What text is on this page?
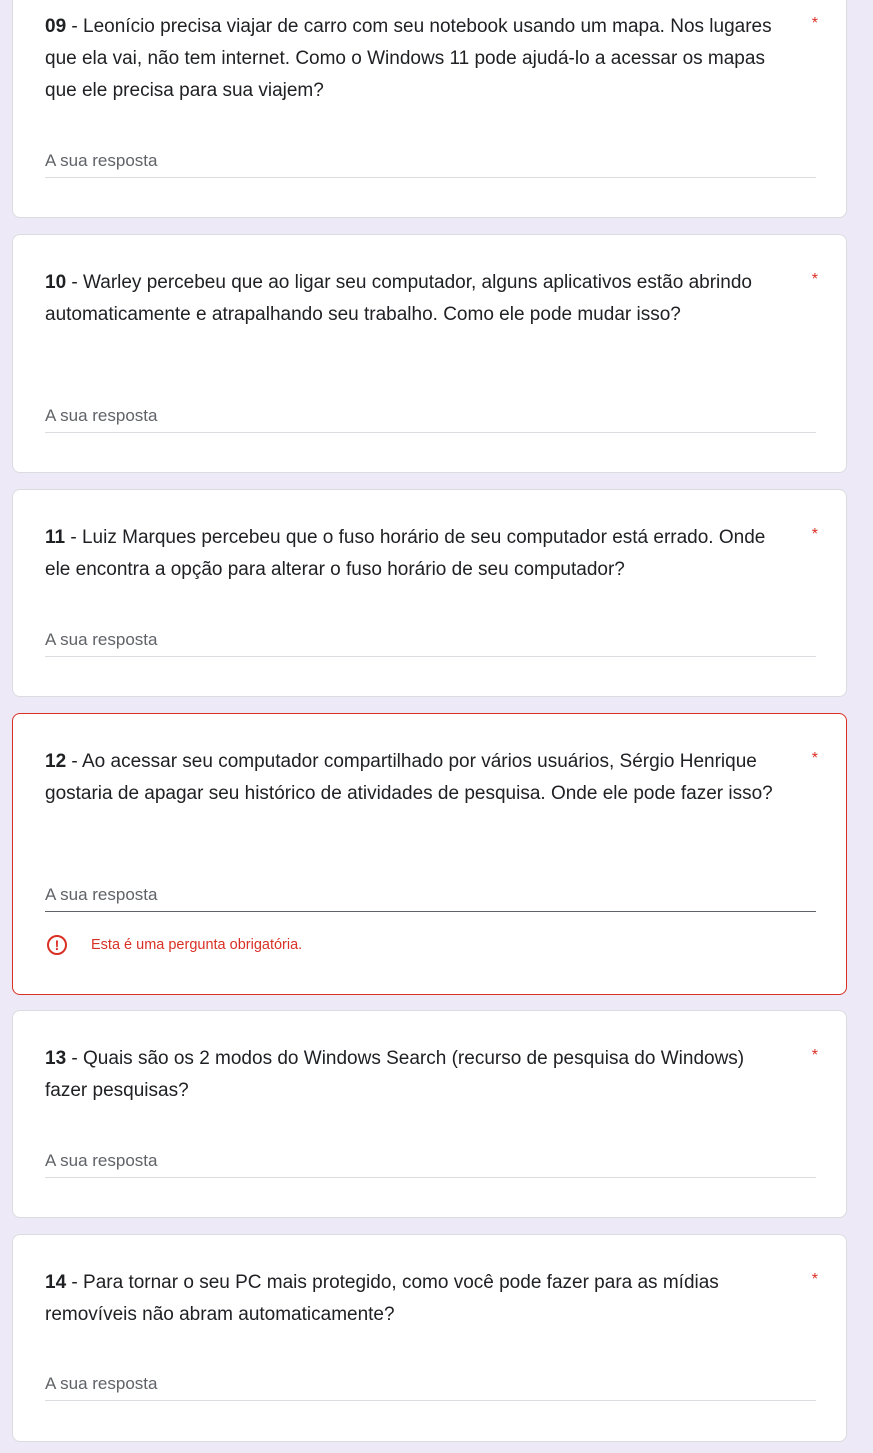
09 - Leonício precisa viajar de carro com seu notebook usando um mapa. Nos lugares que ela vai, não tem internet. Como o Windows 11 pode ajudá-lo a acessar os mapas que ele precisa para sua viajem?

*
A sua resposta

10 - Warley percebeu que ao ligar seu computador, alguns aplicativos estão abrindo automaticamente e atrapalhando seu trabalho. Como ele pode mudar isso?

*
A sua resposta

11 - Luiz Marques percebeu que o fuso horário de seu computador está errado. Onde ele encontra a opção para alterar o fuso horário de seu computador?

*
A sua resposta

12 - Ao acessar seu computador compartilhado por vários usuários, Sérgio Henrique gostaria de apagar seu histórico de atividades de pesquisa. Onde ele pode fazer isso?

*
A sua resposta
!	Esta é uma pergunta obrigatória.

13 - Quais são os 2 modos do Windows Search (recurso de pesquisa do Windows) fazer pesquisas?

*
A sua resposta

14 - Para tornar o seu PC mais protegido, como você pode fazer para as mídias removíveis não abram automaticamente?

*
A sua resposta
